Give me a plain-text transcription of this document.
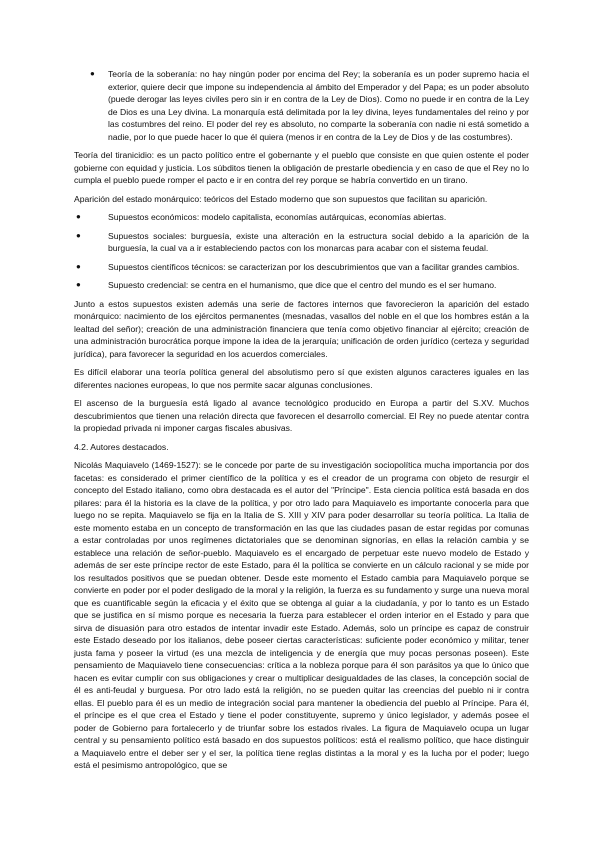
● Teoría de la soberanía: no hay ningún poder por encima del Rey; la soberanía es un poder supremo hacia el exterior, quiere decir que impone su independencia al ámbito del Emperador y del Papa; es un poder absoluto (puede derogar las leyes civiles pero sin ir en contra de la Ley de Dios). Como no puede ir en contra de la Ley de Dios es una Ley divina. La monarquía está delimitada por la ley divina, leyes fundamentales del reino y por las costumbres del reino. El poder del rey es absoluto, no comparte la soberanía con nadie ni está sometido a nadie, por lo que puede hacer lo que él quiera (menos ir en contra de la Ley de Dios y de las costumbres).

Teoría del tiranicidio: es un pacto político entre el gobernante y el pueblo que consiste en que quien ostente el poder gobierne con equidad y justicia. Los súbditos tienen la obligación de prestarle obediencia y en caso de que el Rey no lo cumpla el pueblo puede romper el pacto e ir en contra del rey porque se habría convertido en un tirano.

Aparición del estado monárquico: teóricos del Estado moderno que son supuestos que facilitan su aparición.

●	Supuestos económicos: modelo capitalista, economías autárquicas, economías abiertas.
●	Supuestos sociales: burguesía, existe una alteración en la estructura social debido a la aparición de la burguesía, la cual va a ir estableciendo pactos con los monarcas para acabar con el sistema feudal.
●	Supuestos científicos técnicos: se caracterizan por los descubrimientos que van a facilitar grandes cambios.
●	Supuesto credencial: se centra en el humanismo, que dice que el centro del mundo es el ser humano.

Junto a estos supuestos existen además una serie de factores internos que favorecieron la aparición del estado monárquico: nacimiento de los ejércitos permanentes (mesnadas, vasallos del noble en el que los hombres están a la lealtad del señor); creación de una administración financiera que tenía como objetivo financiar al ejército; creación de una administración burocrática porque impone la idea de la jerarquía; unificación de orden jurídico (certeza y seguridad jurídica), para favorecer la seguridad en los acuerdos comerciales.

Es difícil elaborar una teoría política general del absolutismo pero sí que existen algunos caracteres iguales en las diferentes naciones europeas, lo que nos permite sacar algunas conclusiones.

El ascenso de la burguesía está ligado al avance tecnológico producido en Europa a partir del S.XV. Muchos descubrimientos que tienen una relación directa que favorecen el desarrollo comercial. El Rey no puede atentar contra la propiedad privada ni imponer cargas fiscales abusivas.

4.2. Autores destacados.

Nicolás Maquiavelo (1469-1527): se le concede por parte de su investigación sociopolítica mucha importancia por dos facetas: es considerado el primer científico de la política y es el creador de un programa con objeto de resurgir el concepto del Estado italiano, como obra destacada es el autor del "Príncipe". Esta ciencia política está basada en dos pilares: para él la historia es la clave de la política, y por otro lado para Maquiavelo es importante conocerla para que luego no se repita. Maquiavelo se fija en la Italia de S. XIII y XIV para poder desarrollar su teoría política. La Italia de este momento estaba en un concepto de transformación en las que las ciudades pasan de estar regidas por comunas a estar controladas por unos regímenes dictatoriales que se denominan signorías, en ellas la relación cambia y se establece una relación de señor-pueblo. Maquiavelo es el encargado de perpetuar este nuevo modelo de Estado y además de ser este príncipe rector de este Estado, para él la política se convierte en un cálculo racional y se mide por los resultados positivos que se puedan obtener. Desde este momento el Estado cambia para Maquiavelo porque se convierte en poder por el poder desligado de la moral y la religión, la fuerza es su fundamento y surge una nueva moral que es cuantificable según la eficacia y el éxito que se obtenga al guiar a la ciudadanía, y por lo tanto es un Estado que se justifica en sí mismo porque es necesaria la fuerza para establecer el orden interior en el Estado y para que sirva de disuasión para otro estados de intentar invadir este Estado. Además, solo un príncipe es capaz de construir este Estado deseado por los italianos, debe poseer ciertas características: suficiente poder económico y militar, tener justa fama y poseer la virtud (es una mezcla de inteligencia y de energía que muy pocas personas poseen). Este pensamiento de Maquiavelo tiene consecuencias: crítica a la nobleza porque para él son parásitos ya que lo único que hacen es evitar cumplir con sus obligaciones y crear o multiplicar desigualdades de las clases, la concepción social de él es anti-feudal y burguesa. Por otro lado está la religión, no se pueden quitar las creencias del pueblo ni ir contra ellas. El pueblo para él es un medio de integración social para mantener la obediencia del pueblo al Príncipe. Para él, el príncipe es el que crea el Estado y tiene el poder constituyente, supremo y único legislador, y además posee el poder de Gobierno para fortalecerlo y de triunfar sobre los estados rivales. La figura de Maquiavelo ocupa un lugar central y su pensamiento político está basado en dos supuestos políticos: está el realismo político, que hace distinguir a Maquiavelo entre el deber ser y el ser, la política tiene reglas distintas a la moral y es la lucha por el poder; luego está el pesimismo antropológico, que se
